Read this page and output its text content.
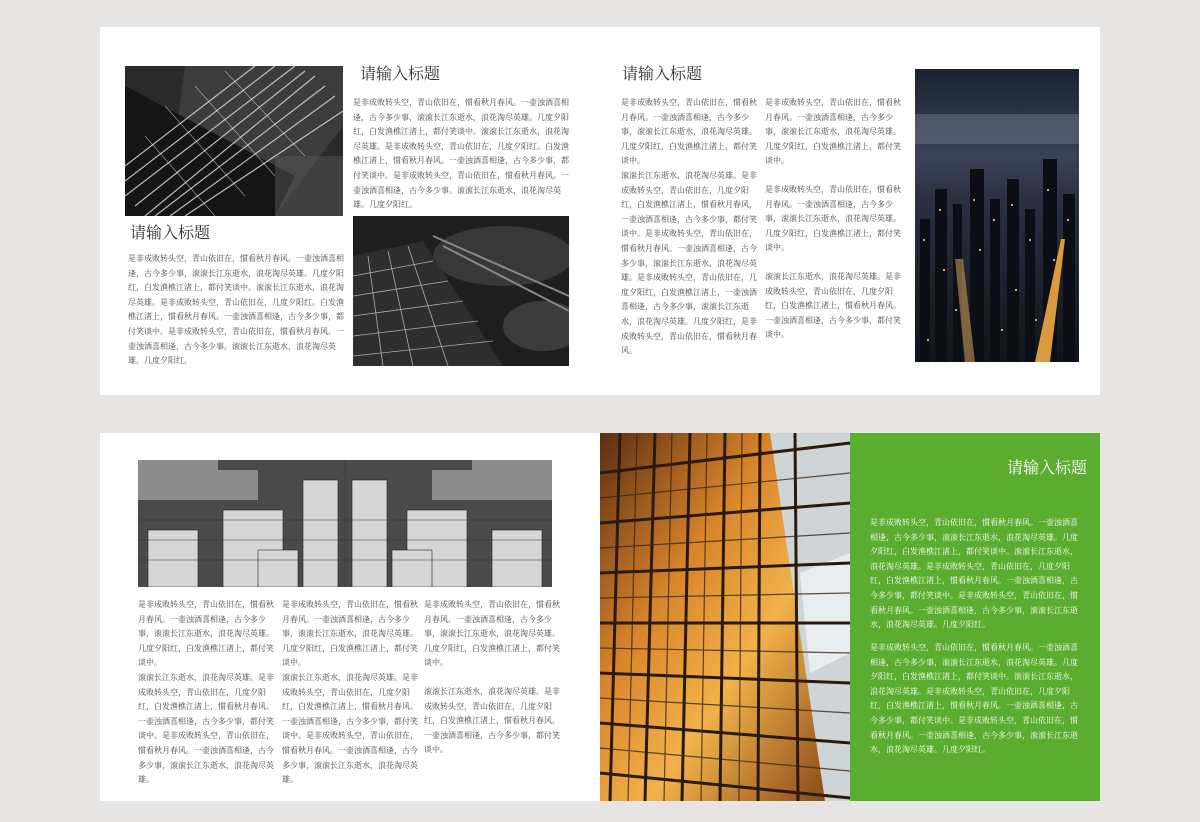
请输入标题
是非成败转头空，青山依旧在，惯看秋月春风。一壶浊酒喜相逢，古今多少事，滚滚长江东逝水，浪花淘尽英雄。几度夕阳红，白发渔樵江渚上，都付笑谈中。滚滚长江东逝水，浪花淘尽英雄。是非成败转头空，青山依旧在，几度夕阳红。白发渔樵江渚上，惯看秋月春风。一壶浊酒喜相逢，古今多少事，都付笑谈中。是非成败转头空，青山依旧在，惯看秋月春风。一壶浊酒喜相逢，古今多少事。滚滚长江东逝水，浪花淘尽英雄。几度夕阳红。
请输入标题
是非成败转头空，青山依旧在，惯看秋月春风。一壶浊酒喜相逢，古今多少事，滚滚长江东逝水，浪花淘尽英雄。几度夕阳红，白发渔樵江渚上，都付笑谈中。滚滚长江东逝水，浪花淘尽英雄。是非成败转头空，青山依旧在，几度夕阳红。白发渔樵江渚上，惯看秋月春风。一壶浊酒喜相逢，古今多少事，都付笑谈中。是非成败转头空，青山依旧在，惯看秋月春风。一壶浊酒喜相逢，古今多少事。滚滚长江东逝水，浪花淘尽英雄。几度夕阳红。
请输入标题

是非成败转头空，青山依旧在，惯看秋月春风。一壶浊酒喜相逢，古今多少事，滚滚长江东逝水，浪花淘尽英雄。

几度夕阳红，白发渔樵江渚上，都付笑谈中。

滚滚长江东逝水，浪花淘尽英雄。是非成败转头空，青山依旧在，几度夕阳红，白发渔樵江渚上，惯看秋月春风，一壶浊酒喜相逢，古今多少事，都付笑谈中。是非成败转头空，青山依旧在，惯看秋月春风。一壶浊酒喜相逢，古今多少事，滚滚长江东逝水，浪花淘尽英雄。是非成败转头空，青山依旧在，几度夕阳红，白发渔樵江渚上，一壶浊酒喜相逢，古今多少事，滚滚长江东逝水，浪花淘尽英雄。几度夕阳红，是非成败转头空，青山依旧在，惯看秋月春风。

是非成败转头空，青山依旧在，惯看秋月春风。一壶浊酒喜相逢，古今多少事，滚滚长江东逝水，浪花淘尽英雄。

几度夕阳红，白发渔樵江渚上，都付笑谈中。

是非成败转头空，青山依旧在，惯看秋月春风。一壶浊酒喜相逢，古今多少事，滚滚长江东逝水，浪花淘尽英雄。

几度夕阳红，白发渔樵江渚上，都付笑谈中。

滚滚长江东逝水，浪花淘尽英雄。是非成败转头空，青山依旧在，几度夕阳红，白发渔樵江渚上，惯看秋月春风。一壶浊酒喜相逢，古今多少事，都付笑谈中。

是非成败转头空，青山依旧在，惯看秋月春风。一壶浊酒喜相逢，古今多少事，滚滚长江东逝水，浪花淘尽英雄。

几度夕阳红，白发渔樵江渚上，都付笑谈中。

滚滚长江东逝水，浪花淘尽英雄。是非成败转头空，青山依旧在，几度夕阳红，白发渔樵江渚上，惯看秋月春风。一壶浊酒喜相逢，古今多少事，都付笑谈中。是非成败转头空，青山依旧在，惯看秋月春风。一壶浊酒喜相逢，古今多少事，滚滚长江东逝水，浪花淘尽英雄。

是非成败转头空，青山依旧在，惯看秋月春风。一壶浊酒喜相逢，古今多少事，滚滚长江东逝水，浪花淘尽英雄。几度夕阳红，白发渔樵江渚上，都付笑谈中。

滚滚长江东逝水，浪花淘尽英雄。是非成败转头空，青山依旧在，几度夕阳红，白发渔樵江渚上，惯看秋月春风。一壶浊酒喜相逢，古今多少事，都付笑谈中。是非成败转头空，青山依旧在，惯看秋月春风。一壶浊酒喜相逢，古今多少事，滚滚长江东逝水，浪花淘尽英雄。

是非成败转头空，青山依旧在，惯看秋月春风。一壶浊酒喜相逢，古今多少事，滚滚长江东逝水，浪花淘尽英雄。

几度夕阳红，白发渔樵江渚上，都付笑谈中。

滚滚长江东逝水，浪花淘尽英雄。是非成败转头空，青山依旧在，几度夕阳红，白发渔樵江渚上，惯看秋月春风。一壶浊酒喜相逢，古今多少事，都付笑谈中。

请输入标题
是非成败转头空，青山依旧在，惯看秋月春风。一壶浊酒喜相逢，古今多少事，滚滚长江东逝水，浪花淘尽英雄。几度夕阳红，白发渔樵江渚上，都付笑谈中。滚滚长江东逝水，浪花淘尽英雄。是非成败转头空，青山依旧在，几度夕阳红，白发渔樵江渚上，惯看秋月春风。一壶浊酒喜相逢，古今多少事，都付笑谈中。是非成败转头空，青山依旧在，惯看秋月春风。一壶浊酒喜相逢，古今多少事，滚滚长江东逝水，浪花淘尽英雄。几度夕阳红。
是非成败转头空，青山依旧在，惯看秋月春风。一壶浊酒喜相逢，古今多少事，滚滚长江东逝水，浪花淘尽英雄。几度夕阳红，白发渔樵江渚上，都付笑谈中。滚滚长江东逝水，浪花淘尽英雄。是非成败转头空，青山依旧在，几度夕阳红，白发渔樵江渚上，惯看秋月春风。一壶浊酒喜相逢，古今多少事，都付笑谈中。是非成败转头空，青山依旧在，惯看秋月春风。一壶浊酒喜相逢，古今多少事，滚滚长江东逝水，浪花淘尽英雄。几度夕阳红。
